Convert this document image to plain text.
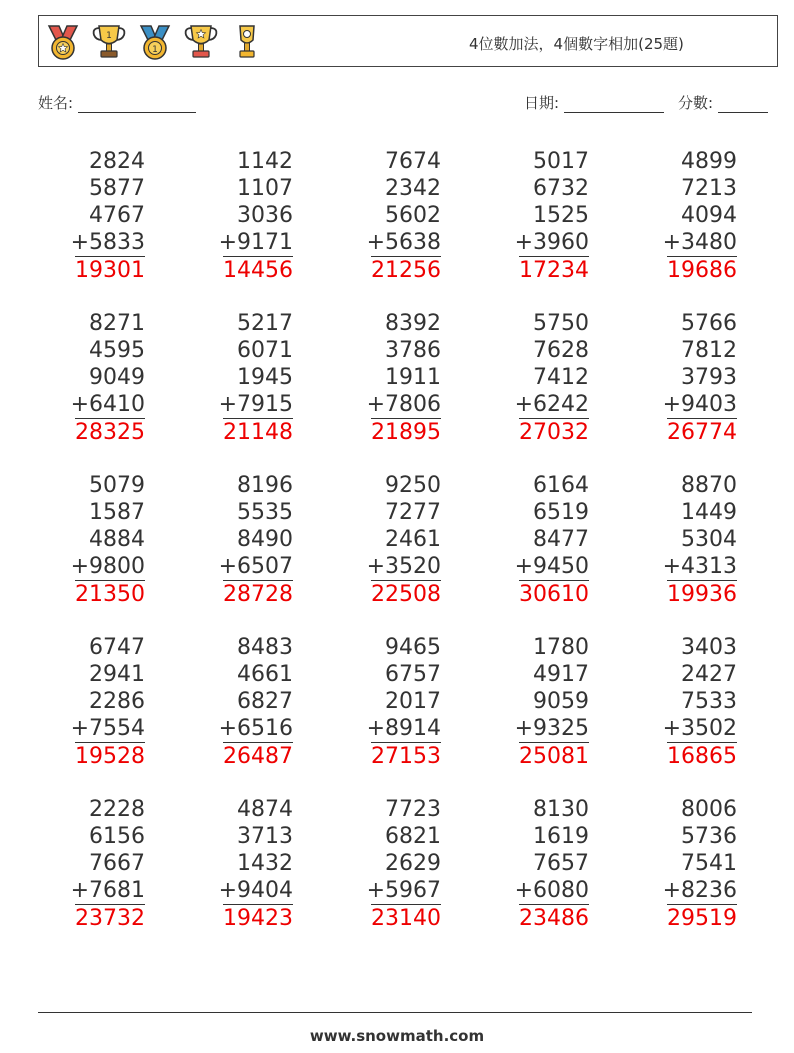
1
1	4位數加法，4個數字相加(25題)
姓名:	日期:	分數:
2824
5877
4767
+5833
19301
1142
1107
3036
+9171
14456
7674
2342
5602
+5638
21256
5017
6732
1525
+3960
17234
4899
7213
4094
+3480
19686
8271
4595
9049
+6410
28325
5217
6071
1945
+7915
21148
8392
3786
1911
+7806
21895
5750
7628
7412
+6242
27032
5766
7812
3793
+9403
26774
5079
1587
4884
+9800
21350
8196
5535
8490
+6507
28728
9250
7277
2461
+3520
22508
6164
6519
8477
+9450
30610
8870
1449
5304
+4313
19936
6747
2941
2286
+7554
19528
8483
4661
6827
+6516
26487
9465
6757
2017
+8914
27153
1780
4917
9059
+9325
25081
3403
2427
7533
+3502
16865
2228
6156
7667
+7681
23732
4874
3713
1432
+9404
19423
7723
6821
2629
+5967
23140
8130
1619
7657
+6080
23486
8006
5736
7541
+8236
29519
www.snowmath.com
